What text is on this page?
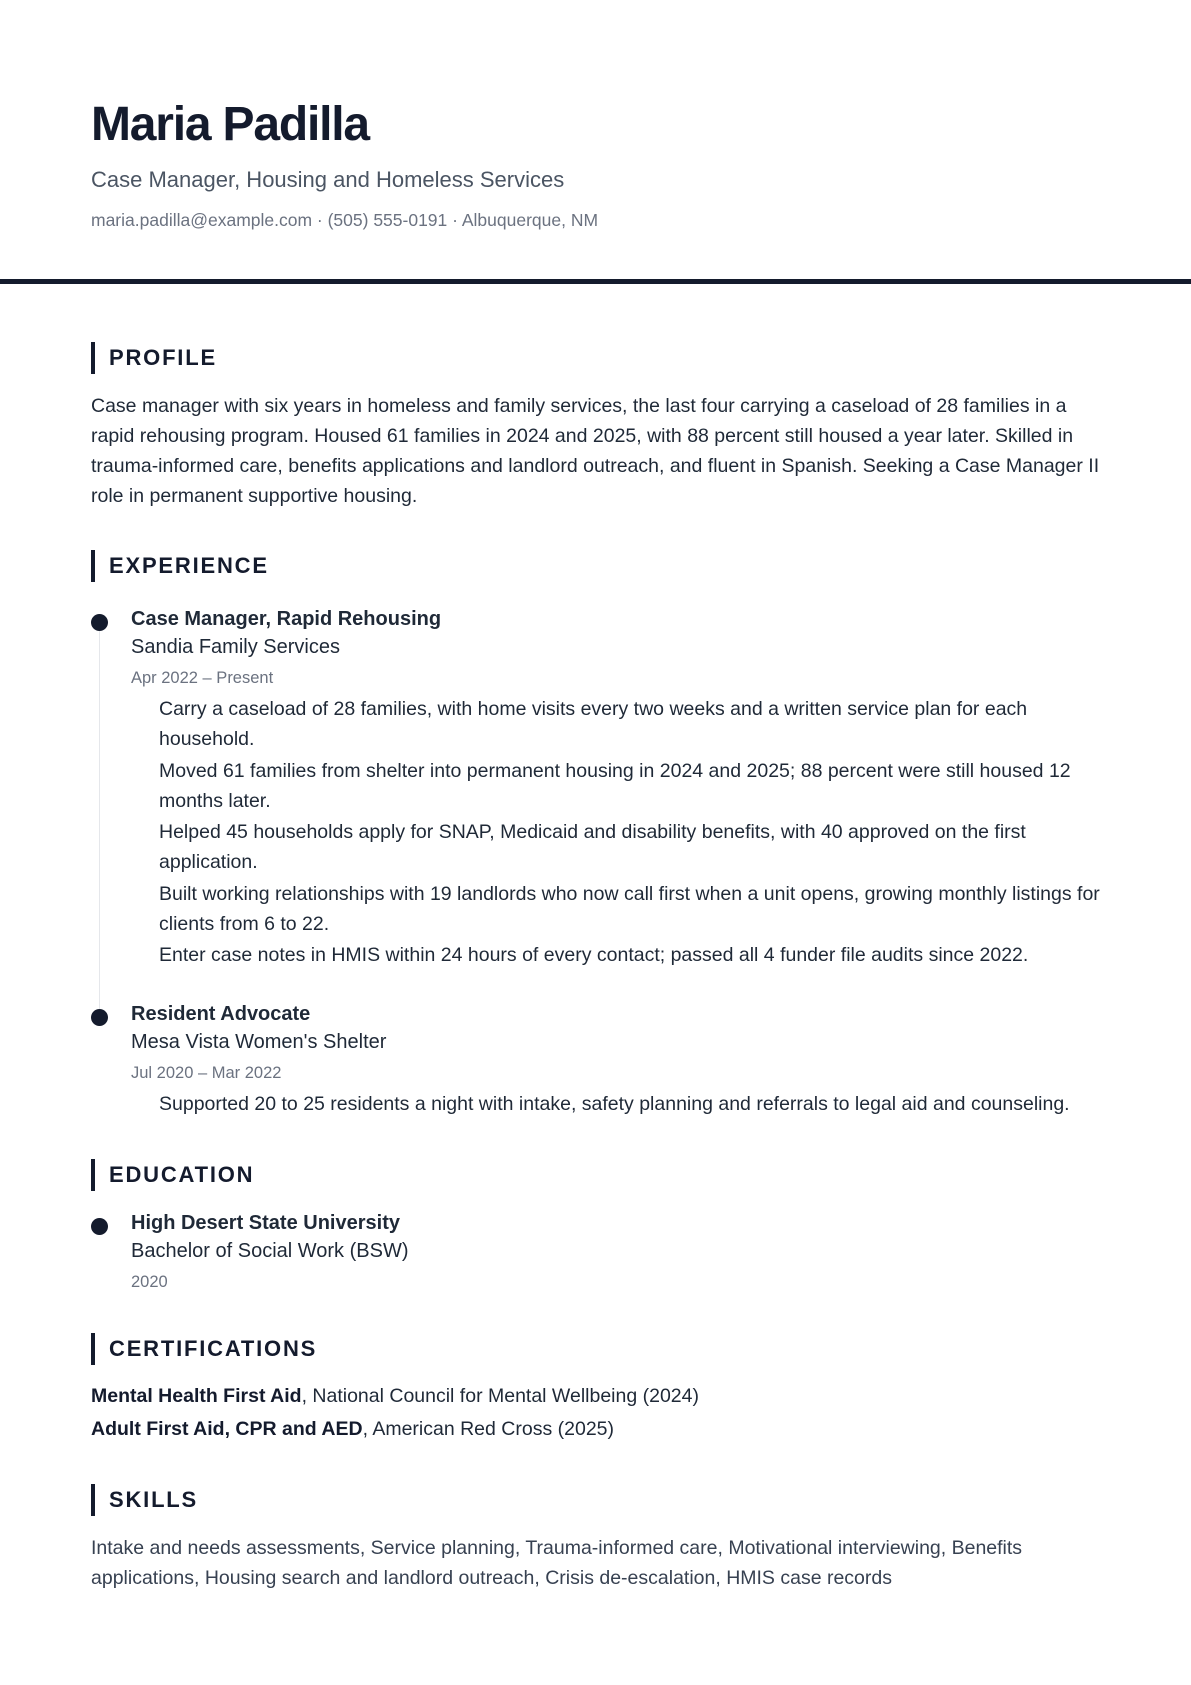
Maria Padilla
Case Manager, Housing and Homeless Services
maria.padilla@example.com · (505) 555-0191 · Albuquerque, NM
PROFILE
Case manager with six years in homeless and family services, the last four carrying a caseload of 28 families in a rapid rehousing program. Housed 61 families in 2024 and 2025, with 88 percent still housed a year later. Skilled in trauma-informed care, benefits applications and landlord outreach, and fluent in Spanish. Seeking a Case Manager II role in permanent supportive housing.
EXPERIENCE
Case Manager, Rapid Rehousing
Sandia Family Services
Apr 2022 – Present
Carry a caseload of 28 families, with home visits every two weeks and a written service plan for each household.
Moved 61 families from shelter into permanent housing in 2024 and 2025; 88 percent were still housed 12 months later.
Helped 45 households apply for SNAP, Medicaid and disability benefits, with 40 approved on the first application.
Built working relationships with 19 landlords who now call first when a unit opens, growing monthly listings for clients from 6 to 22.
Enter case notes in HMIS within 24 hours of every contact; passed all 4 funder file audits since 2022.
Resident Advocate
Mesa Vista Women's Shelter
Jul 2020 – Mar 2022
Supported 20 to 25 residents a night with intake, safety planning and referrals to legal aid and counseling.
EDUCATION
High Desert State University
Bachelor of Social Work (BSW)
2020
CERTIFICATIONS
Mental Health First Aid, National Council for Mental Wellbeing (2024)
Adult First Aid, CPR and AED, American Red Cross (2025)
SKILLS
Intake and needs assessments, Service planning, Trauma-informed care, Motivational interviewing, Benefits applications, Housing search and landlord outreach, Crisis de-escalation, HMIS case records
